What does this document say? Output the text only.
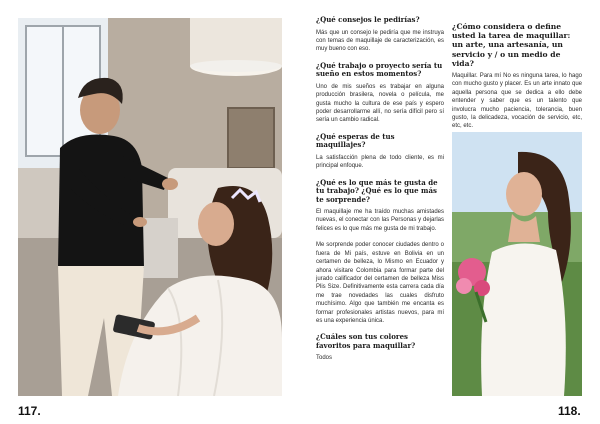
117.
¿Qué consejos le pedirías?
Más que un consejo le pediría que me instruya con temas de maquillaje de caracterización, es muy bueno con eso.
¿Qué trabajo o proyecto sería tu sueño en estos momentos?
Uno de mis sueños es trabajar en alguna producción brasilera, novela o película, me gusta mucho la cultura de ese país y espero poder desarrollarme allí, no sería difícil pero sí sería un cambio radical.
¿Qué esperas de tus maquillajes?
La satisfacción plena de todo cliente, es mi principal enfoque.
¿Qué es lo que más te gusta de tu trabajo? ¿Qué es lo que más te sorprende?
El maquillaje me ha traído muchas amistades nuevas, el conectar con las Personas y dejarlas felices es lo que más me gusta de mi trabajo.
Me sorprende poder conocer ciudades dentro o fuera de Mi país, estuve en Bolivia en un certamen de belleza, lo Mismo en Ecuador y ahora visitare Colombia para formar parte del jurado calificador del certamen de belleza Miss Plis Size. Definitivamente esta carrera cada día me trae novedades las cuales disfruto muchísimo. Algo que también me encanta es formar profesionales artistas nuevos, para mí es una experiencia única.
¿Cuáles son tus colores favoritos para maquillar?
Todos
¿Cómo considera o define usted la tarea de maquillar: un arte, una artesanía, un servicio y / o un medio de vida?
Maquillar. Para mí No es ninguna tarea, lo hago con mucho gusto y placer. Es un arte innato que aquella persona que se dedica a ello debe entender y saber que es un talento que involucra mucho paciencia, tolerancia, buen gusto, la delicadeza, vocación de servicio, etc, etc, etc.
118.
